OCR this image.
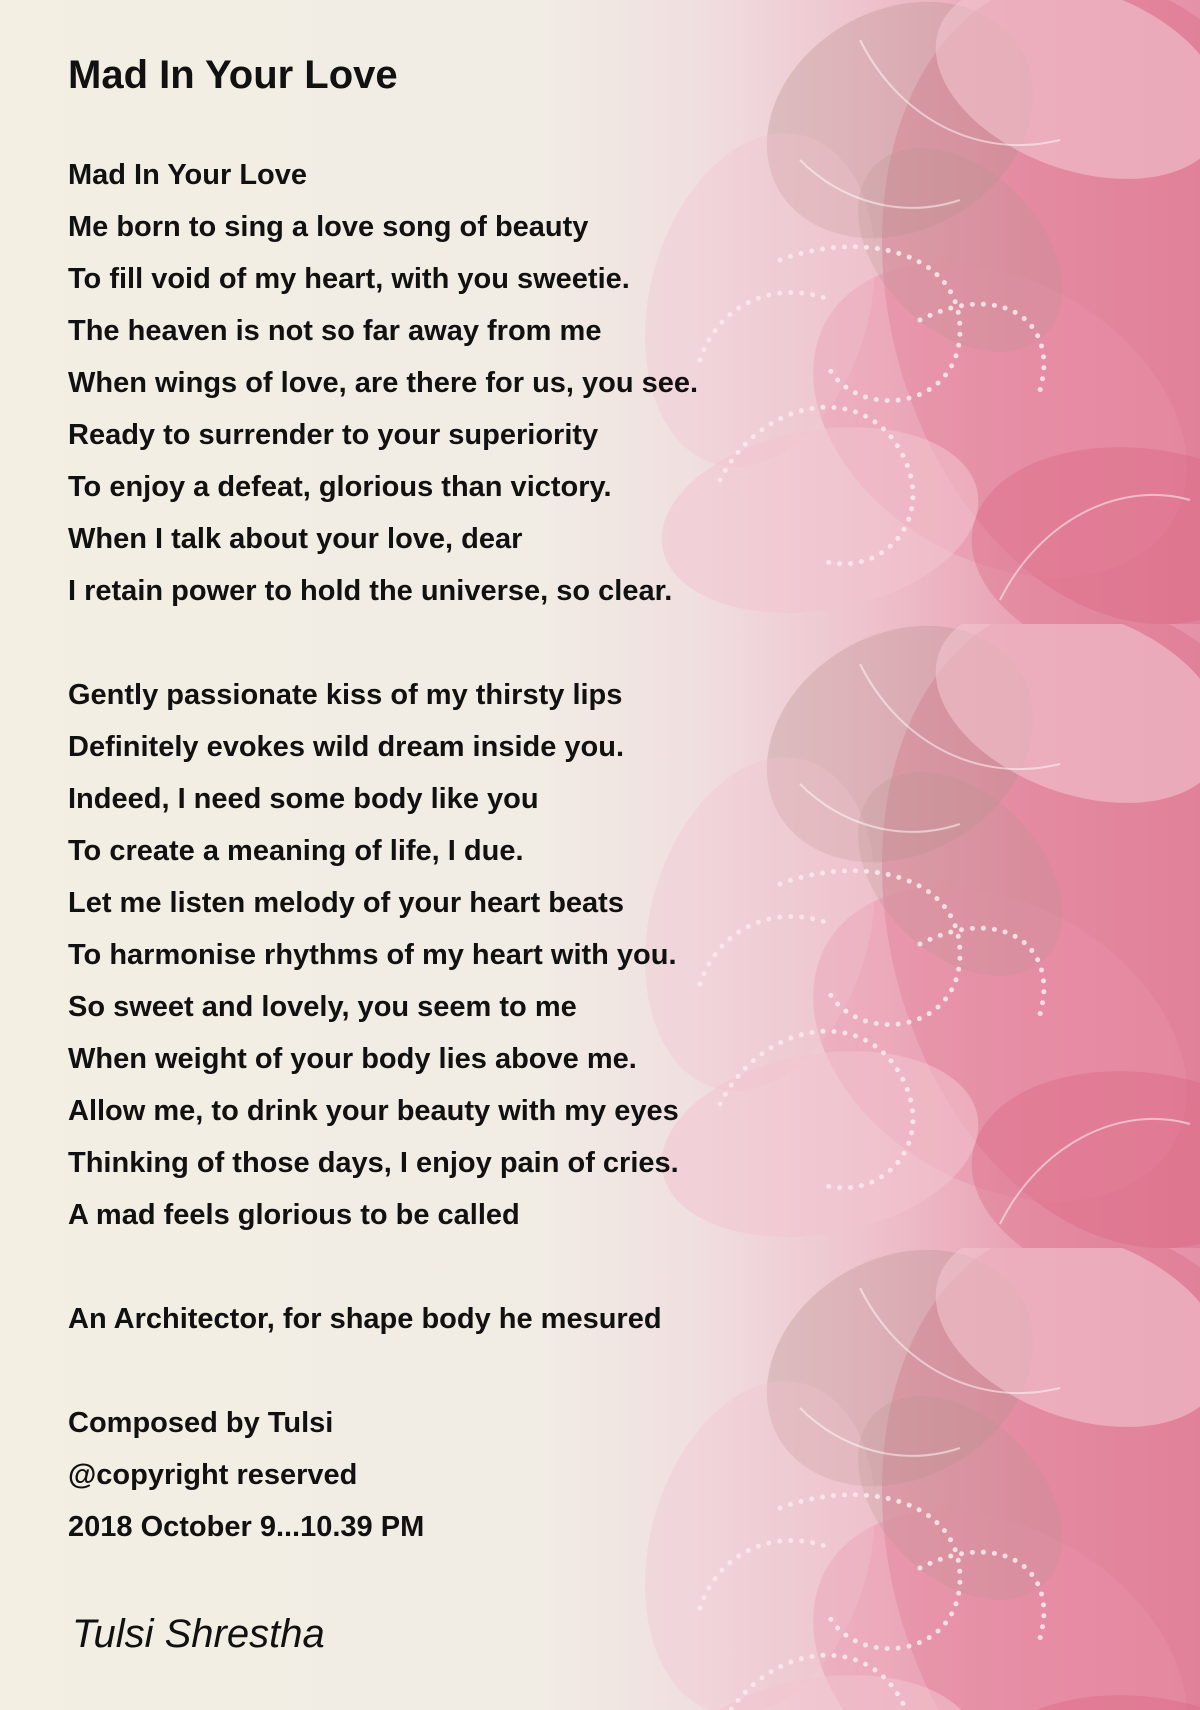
Mad In Your Love
Mad In Your Love
Me born to sing a love song of beauty
To fill void of my heart, with you sweetie.
The heaven is not so far away from me
When wings of love, are there for us, you see.
Ready to surrender to your superiority
To enjoy a defeat, glorious than victory.
When I talk about your love, dear
I retain power to hold the universe, so clear.
Gently passionate kiss of my thirsty lips
Definitely evokes wild dream inside you.
Indeed, I need some body like you
To create a meaning of life, I due.
Let me listen melody of your heart beats
To harmonise rhythms of my heart with you.
So sweet and lovely, you seem to me
When weight of your body lies above me.
Allow me, to drink your beauty with my eyes
Thinking of those days, I enjoy pain of cries.
A mad feels glorious to be called
An Architector, for shape body he mesured
Composed by Tulsi
@copyright reserved
2018 October 9...10.39 PM
Tulsi Shrestha
